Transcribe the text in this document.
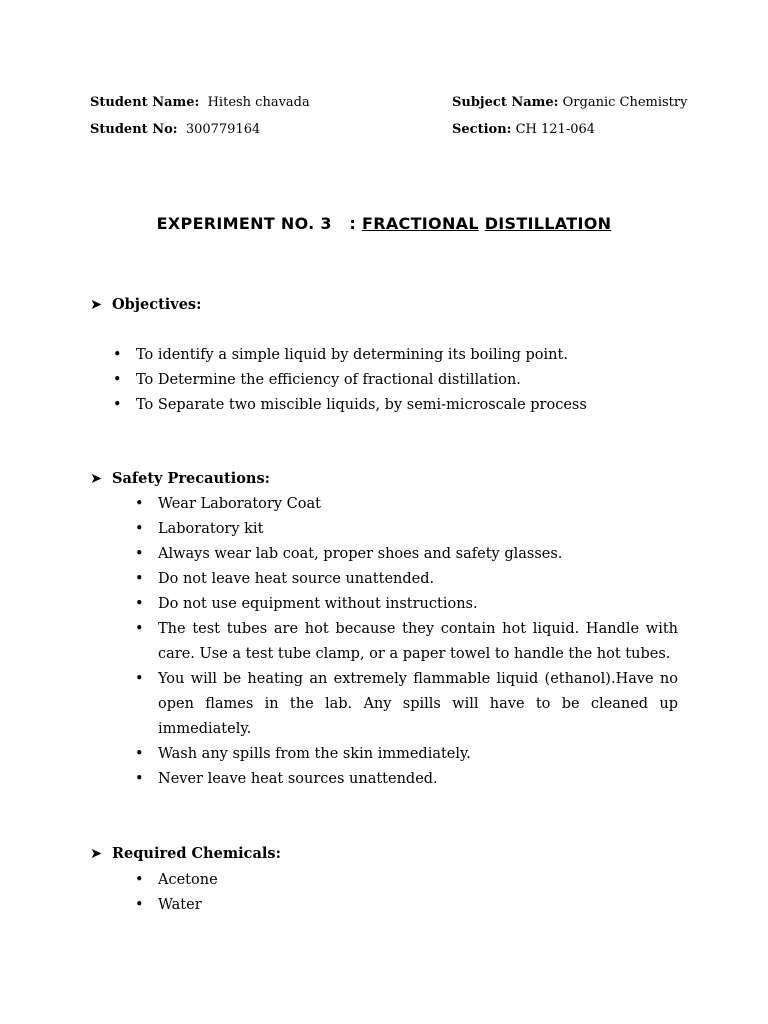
Student Name: Hitesh chavada	Subject Name: Organic Chemistry
Student No: 300779164	Section: CH 121-064
EXPERIMENT NO. 3   : FRACTIONAL DISTILLATION
➤ Objectives:
• To identify a simple liquid by determining its boiling point.
• To Determine the efficiency of fractional distillation.
• To Separate two miscible liquids, by semi-microscale process
➤ Safety Precautions:
• Wear Laboratory Coat
• Laboratory kit
• Always wear lab coat, proper shoes and safety glasses.
• Do not leave heat source unattended.
• Do not use equipment without instructions.
• The test tubes are hot because they contain hot liquid. Handle with care. Use a test tube clamp, or a paper towel to handle the hot tubes.
• You will be heating an extremely flammable liquid (ethanol).Have no open flames in the lab. Any spills will have to be cleaned up immediately.
• Wash any spills from the skin immediately.
• Never leave heat sources unattended.
➤ Required Chemicals:
• Acetone
• Water
